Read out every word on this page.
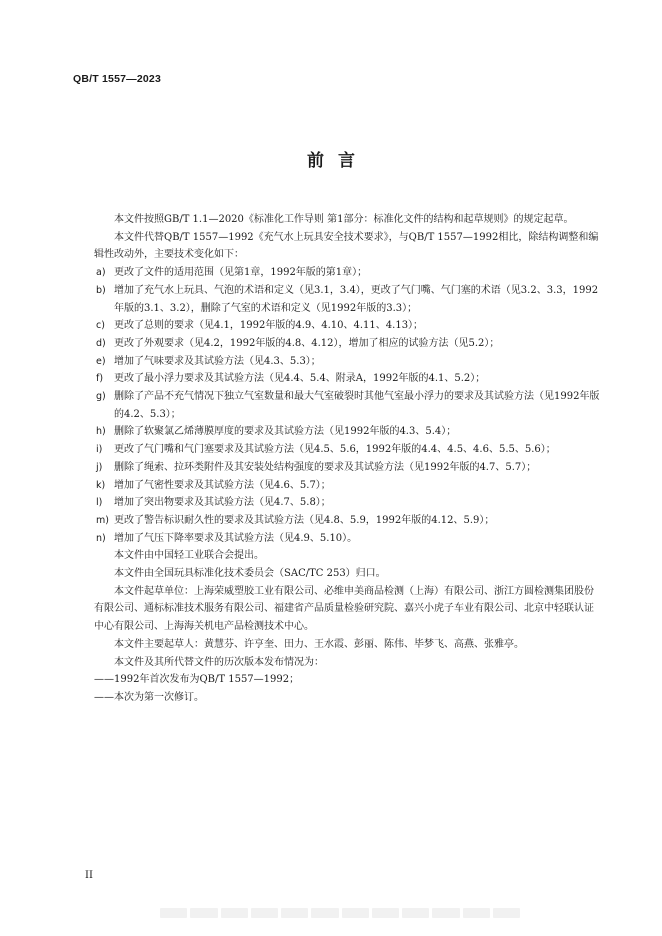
QB/T 1557—2023
前言

本文件按照GB/T 1.1—2020《标准化工作导则 第1部分：标准化文件的结构和起草规则》的规定起草。

本文件代替QB/T 1557—1992《充气水上玩具安全技术要求》，与QB/T 1557—1992相比，除结构调整和编辑性改动外，主要技术变化如下：

a) 更改了文件的适用范围（见第1章，1992年版的第1章）；

b) 增加了充气水上玩具、气泡的术语和定义（见3.1，3.4），更改了气门嘴、气门塞的术语（见3.2、3.3，1992年版的3.1、3.2），删除了气室的术语和定义（见1992年版的3.3）；

c) 更改了总则的要求（见4.1，1992年版的4.9、4.10、4.11、4.13）；

d) 更改了外观要求（见4.2，1992年版的4.8、4.12），增加了相应的试验方法（见5.2）；

e) 增加了气味要求及其试验方法（见4.3、5.3）；

f) 更改了最小浮力要求及其试验方法（见4.4、5.4、附录A，1992年版的4.1、5.2）；

g) 删除了产品不充气情况下独立气室数量和最大气室破裂时其他气室最小浮力的要求及其试验方法（见1992年版的4.2、5.3）；

h) 删除了软聚氯乙烯薄膜厚度的要求及其试验方法（见1992年版的4.3、5.4）；

i) 更改了气门嘴和气门塞要求及其试验方法（见4.5、5.6，1992年版的4.4、4.5、4.6、5.5、5.6）；

j) 删除了绳索、拉环类附件及其安装处结构强度的要求及其试验方法（见1992年版的4.7、5.7）；

k) 增加了气密性要求及其试验方法（见4.6、5.7）；

l) 增加了突出物要求及其试验方法（见4.7、5.8）；

m) 更改了警告标识耐久性的要求及其试验方法（见4.8、5.9，1992年版的4.12、5.9）；

n) 增加了气压下降率要求及其试验方法（见4.9、5.10）。

本文件由中国轻工业联合会提出。

本文件由全国玩具标准化技术委员会（SAC/TC 253）归口。

本文件起草单位：上海荣威塑胶工业有限公司、必维申美商品检测（上海）有限公司、浙江方圆检测集团股份有限公司、通标标准技术服务有限公司、福建省产品质量检验研究院、嘉兴小虎子车业有限公司、北京中轻联认证中心有限公司、上海海关机电产品检测技术中心。

本文件主要起草人：黄慧芬、许亨奎、田力、王水霞、彭丽、陈伟、毕梦飞、高燕、张雅亭。

本文件及其所代替文件的历次版本发布情况为：

——1992年首次发布为QB/T 1557—1992；

——本次为第一次修订。

II
